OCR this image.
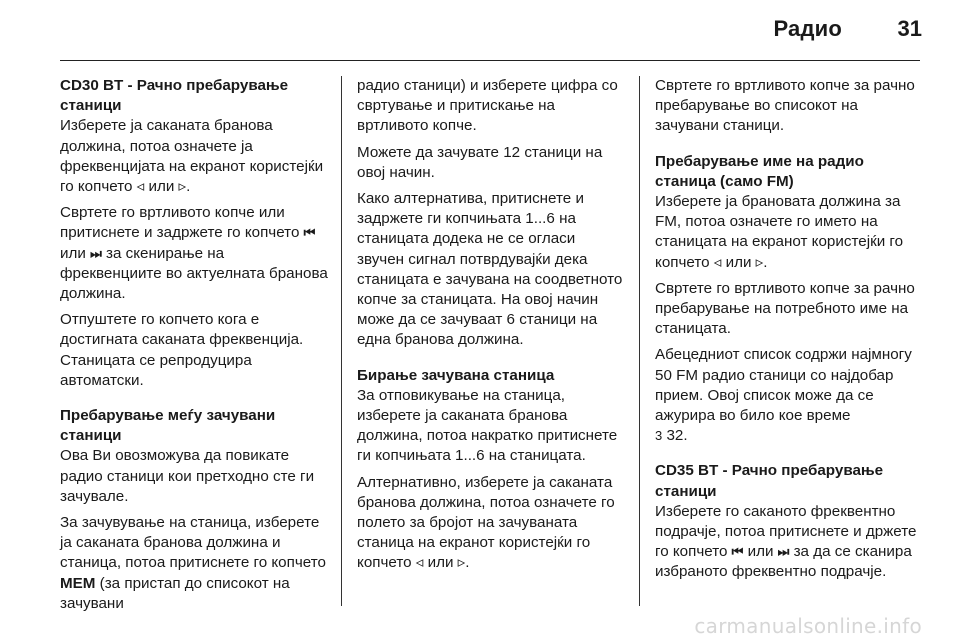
Радио	31
CD30 BT - Рачно пребарување станици

Изберете ја саканата бранова должина, потоа означете ја фреквенцијата на екранот користејќи го копчето ◃ или ▹.

Свртете го вртливото копче или притиснете и задржете го копчето ⏮ или ⏭ за скенирање на фреквенциите во актуелната бранова должина.

Отпуштете го копчето кога е достигната саканата фреквенција. Станицата се репродуцира автоматски.

Пребарување меѓу зачувани станици

Ова Ви овозможува да повикате радио станици кои претходно сте ги зачувале.

За зачувување на станица, изберете ја саканата бранова должина и станица, потоа притиснете го копчето MEM (за пристап до списокот на зачувани

радио станици) и изберете цифра со свртување и притискање на вртливото копче.

Можете да зачувате 12 станици на овој начин.

Како алтернатива, притиснете и задржете ги копчињата 1...6 на станицата додека не се огласи звучен сигнал потврдувајќи дека станицата е зачувана на соодветното копче за станицата. На овој начин може да се зачуваат 6 станици на една бранова должина.

Бирање зачувана станица

За отповикување на станица, изберете ја саканата бранова должина, потоа накратко притиснете ги копчињата 1...6 на станицата.

Алтернативно, изберете ја саканата бранова должина, потоа означете го полето за бројот на зачуваната станица на екранот користејќи го копчето ◃ или ▹.

Свртете го вртливото копче за рачно пребарување во списокот на зачувани станици.

Пребарување име на радио станица (само FM)

Изберете ја брановата должина за FM, потоа означете го името на станицата на екранот користејќи го копчето ◃ или ▹.

Свртете го вртливото копче за рачно пребарување на потребното име на станицата.

Абецедниот список содржи најмногу 50 FM радио станици со најдобар прием. Овој список може да се ажурира во било кое време
3 32.

CD35 BT - Рачно пребарување станици

Изберете го саканото фреквентно подрачје, потоа притиснете и држете го копчето ⏮ или ⏭ за да се сканира избраното фреквентно подрачје.

carmanualsonline.info
